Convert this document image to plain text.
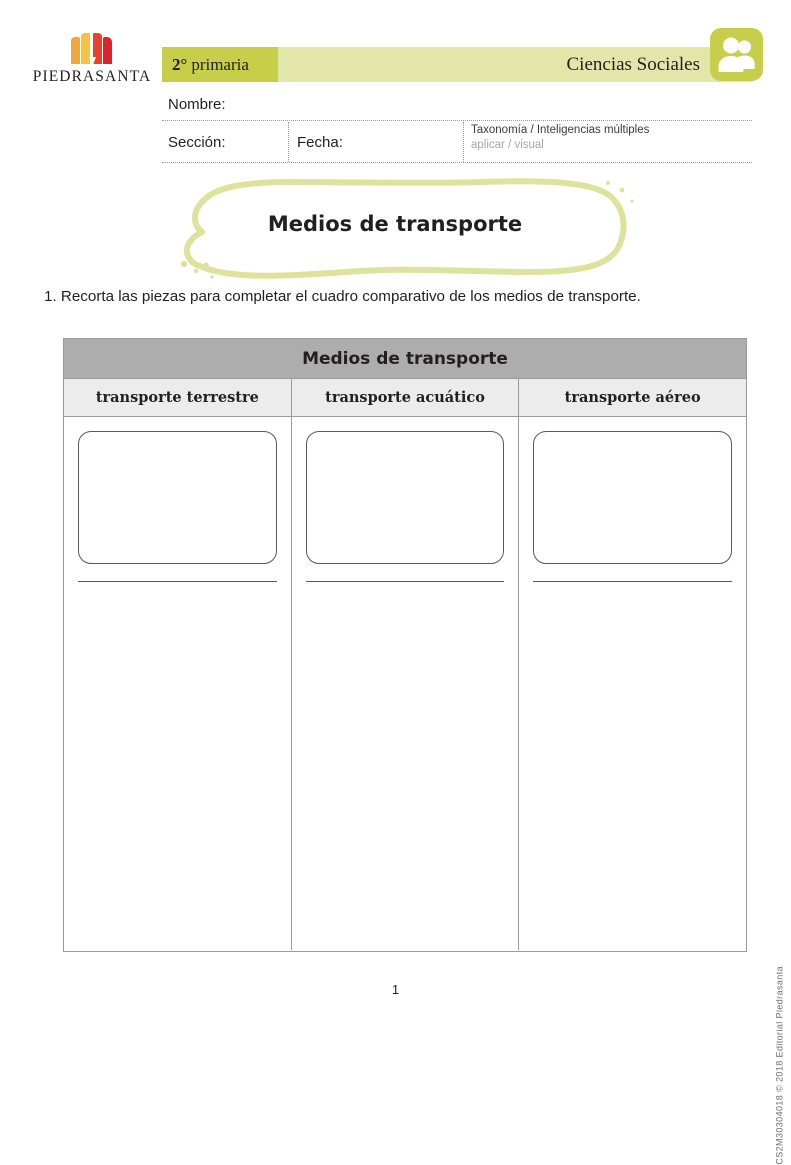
PIEDRASANTA
2° primaria	Ciencias Sociales
Nombre:
Sección:	Fecha:
Taxonomía / Inteligencias múltiples
aplicar / visual
Medios de transporte
1. Recorta las piezas para completar el cuadro comparativo de los medios de transporte.
Medios de transporte
transporte terrestre	transporte acuático	transporte aéreo
1	CS2M30304018 © 2018 Editorial Piedrasanta
